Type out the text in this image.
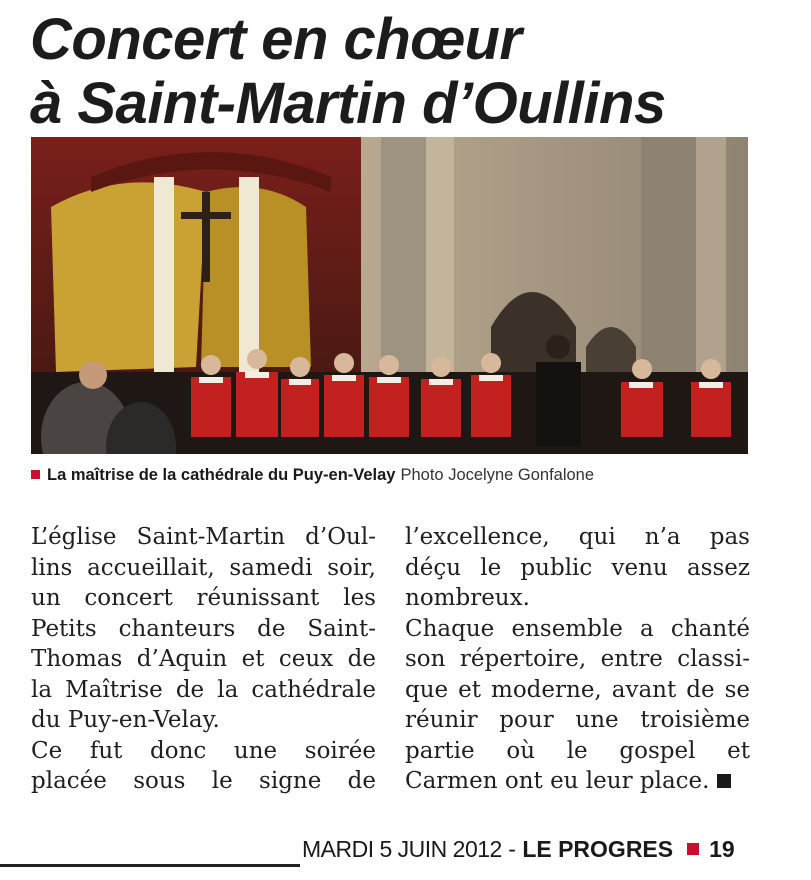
Concert en chœur
à Saint-Martin d’Oullins
La maîtrise de la cathédrale du Puy-en-Velay Photo Jocelyne Gonfalone
L’église Saint-Martin d’Oul-
lins accueillait, samedi soir,
un concert réunissant les
Petits chanteurs de Saint-
Thomas d’Aquin et ceux de
la Maîtrise de la cathédrale
du Puy-en-Velay.
Ce fut donc une soirée
placée sous le signe de
l’excellence, qui n’a pas
déçu le public venu assez
nombreux.
Chaque ensemble a chanté
son répertoire, entre classi-
que et moderne, avant de se
réunir pour une troisième
partie où le gospel et
Carmen ont eu leur place.
MARDI 5 JUIN 2012 - LE PROGRES 19
